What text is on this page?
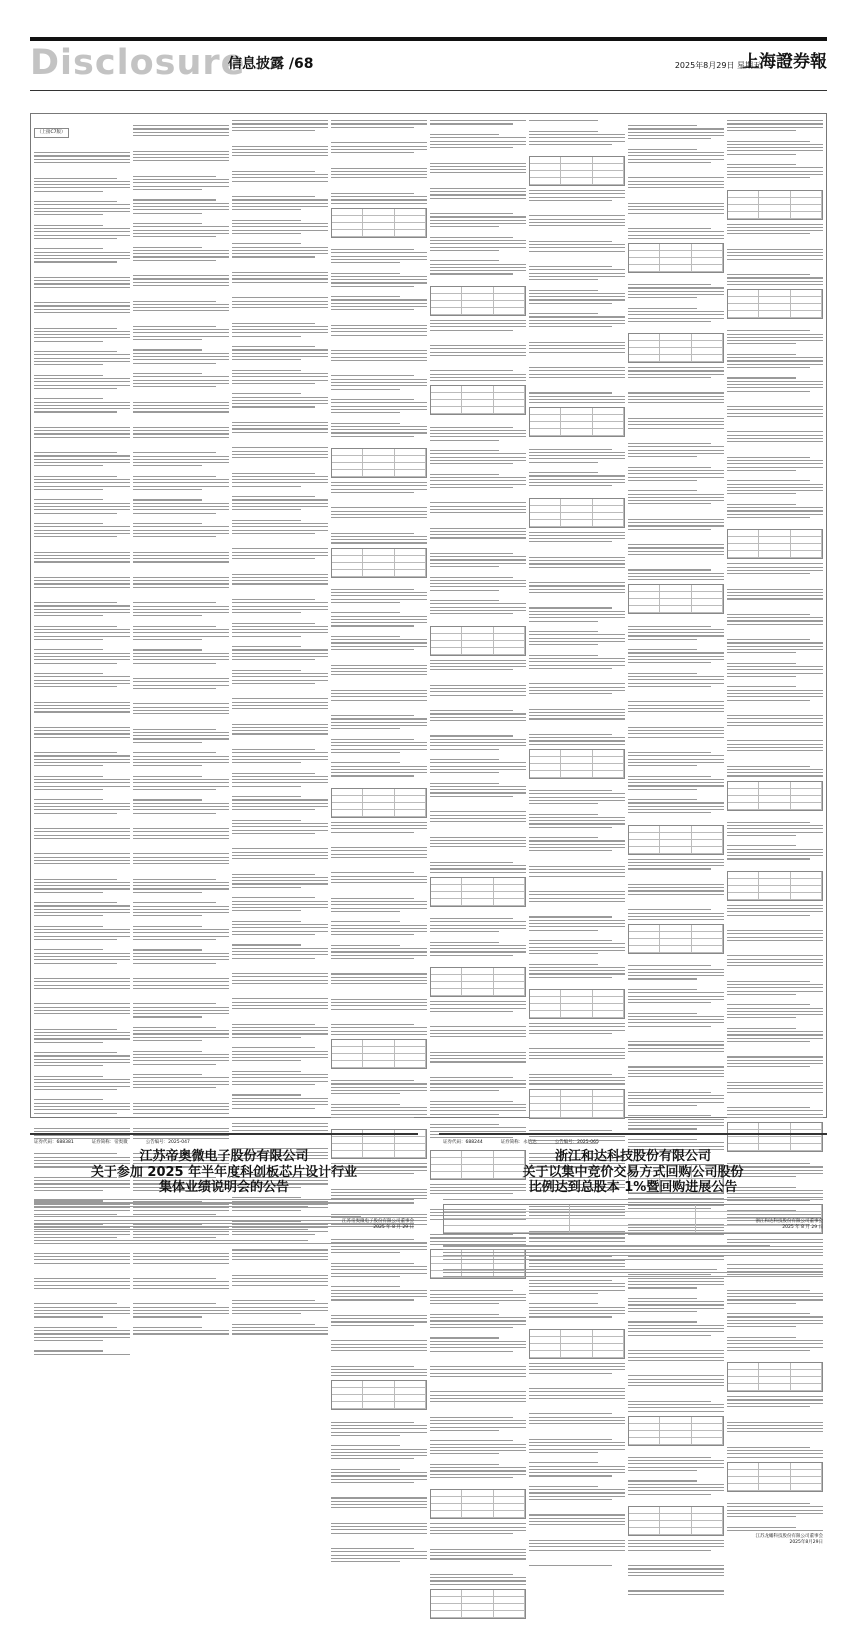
Disclosure
信息披露 /68	2025年8月29日 星期五
上海證券報
（上接C7版）
江苏龙蟠科技股份有限公司董事会
2025年8月29日
证券代码：688381	证券简称：帝奥微	公告编号：2025-047
江苏帝奥微电子股份有限公司
关于参加 2025 年半年度科创板芯片设计行业
集体业绩说明会的公告
江苏帝奥微电子股份有限公司董事会
2025 年 8 月 29 日
证券代码：688244	证券简称：永信达	公告编号：2025-065
浙江和达科技股份有限公司
关于以集中竞价交易方式回购公司股份
比例达到总股本 1%暨回购进展公告
浙江和达科技股份有限公司董事会
2025 年 8 月 29 日
